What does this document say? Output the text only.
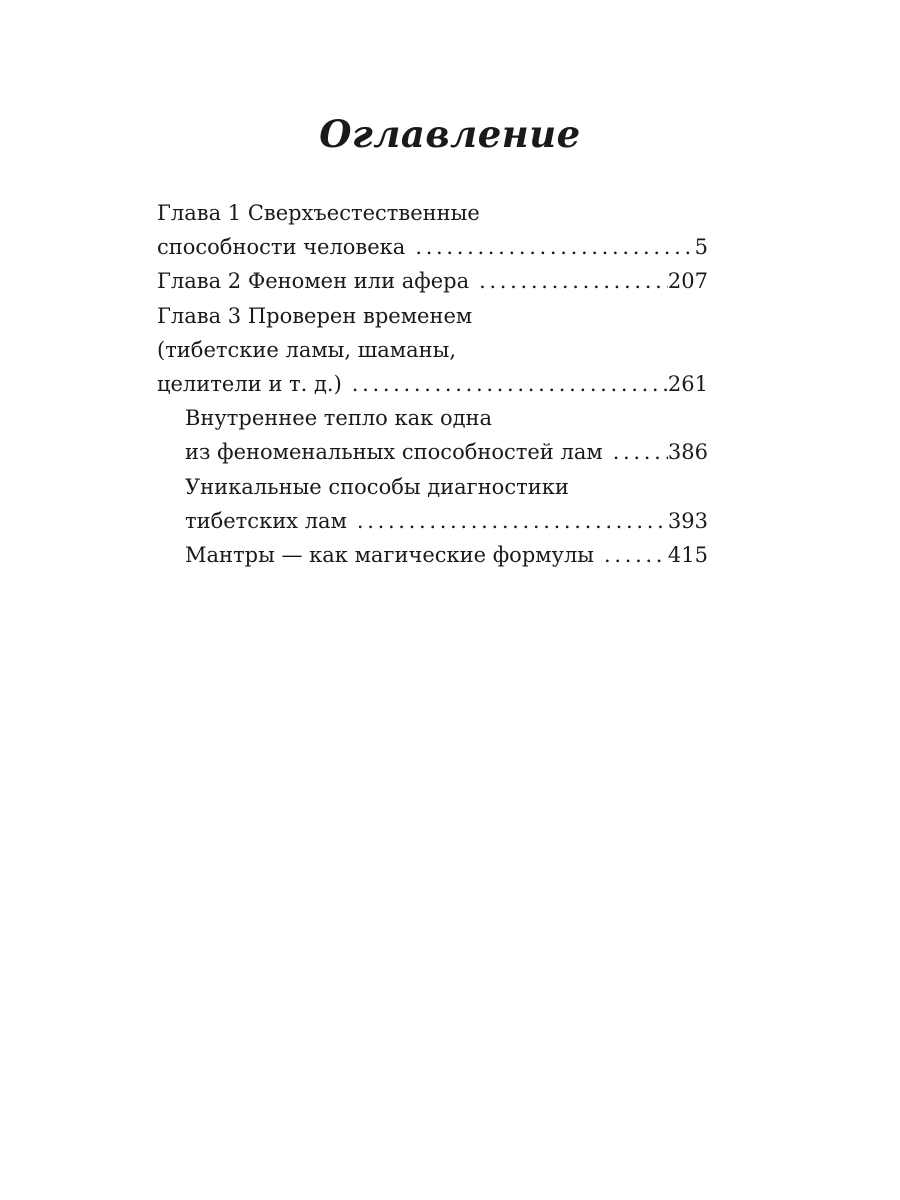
Оглавление
Глава 1 Сверхъестественные
способности человека . . .	5
Глава 2 Феномен или афера . . .	207
Глава 3 Проверен временем
(тибетские ламы, шаманы,
целители и т. д.) . . .	261
Внутреннее тепло как одна
из феноменальных способностей лам . . .	386
Уникальные способы диагностики
тибетских лам . . .	393
Мантры — как магические формулы . . .	415
